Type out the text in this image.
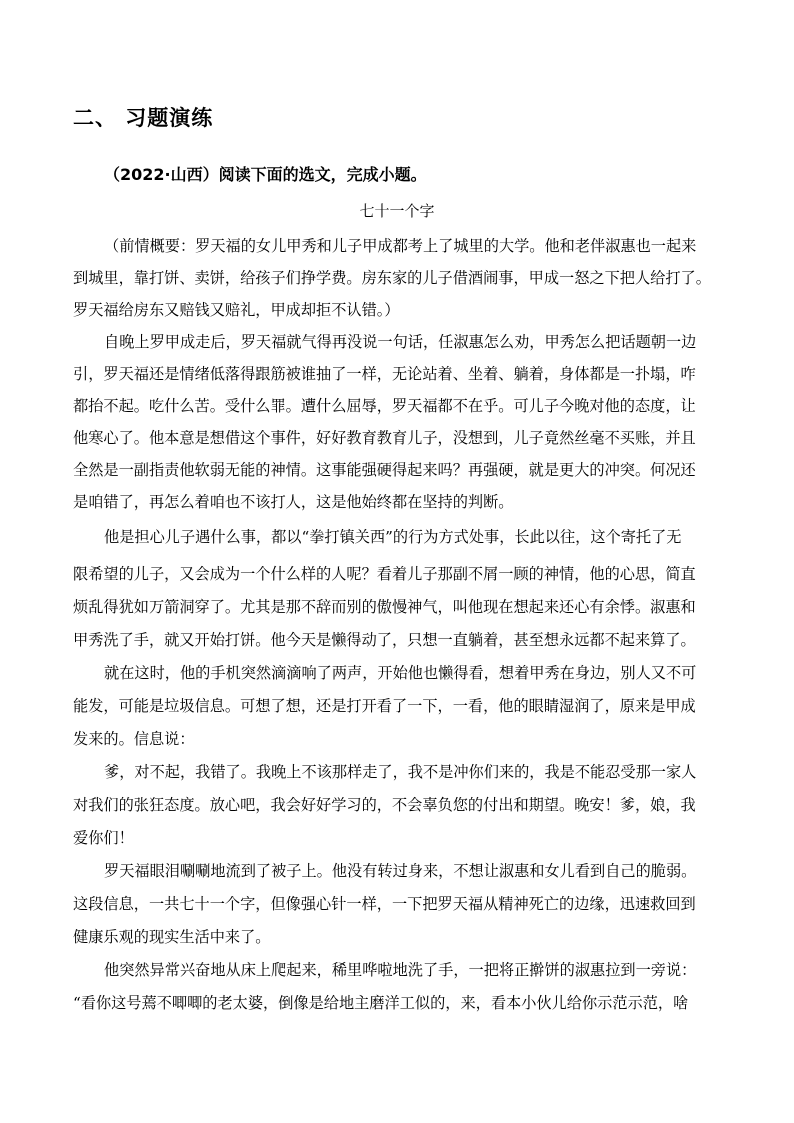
二、 习题演练
（2022·山西）阅读下面的选文，完成小题。
七十一个字
（前情概要：罗天福的女儿甲秀和儿子甲成都考上了城里的大学。他和老伴淑惠也一起来
到城里，靠打饼、卖饼，给孩子们挣学费。房东家的儿子借酒闹事，甲成一怒之下把人给打了。
罗天福给房东又赔钱又赔礼，甲成却拒不认错。）
自晚上罗甲成走后，罗天福就气得再没说一句话，任淑惠怎么劝，甲秀怎么把话题朝一边
引，罗天福还是情绪低落得跟筋被谁抽了一样，无论站着、坐着、躺着，身体都是一扑塌，咋
都抬不起。吃什么苦。受什么罪。遭什么屈辱，罗天福都不在乎。可儿子今晚对他的态度，让
他寒心了。他本意是想借这个事件，好好教育教育儿子，没想到，儿子竟然丝毫不买账，并且
全然是一副指责他软弱无能的神情。这事能强硬得起来吗？再强硬，就是更大的冲突。何况还
是咱错了，再怎么着咱也不该打人，这是他始终都在坚持的判断。
他是担心儿子遇什么事，都以“拳打镇关西”的行为方式处事，长此以往，这个寄托了无
限希望的儿子，又会成为一个什么样的人呢？看着儿子那副不屑一顾的神情，他的心思，简直
烦乱得犹如万箭洞穿了。尤其是那不辞而别的傲慢神气，叫他现在想起来还心有余悸。淑惠和
甲秀洗了手，就又开始打饼。他今天是懒得动了，只想一直躺着，甚至想永远都不起来算了。
就在这时，他的手机突然滴滴响了两声，开始他也懒得看，想着甲秀在身边，别人又不可
能发，可能是垃圾信息。可想了想，还是打开看了一下，一看，他的眼睛湿润了，原来是甲成
发来的。信息说：
爹，对不起，我错了。我晚上不该那样走了，我不是冲你们来的，我是不能忍受那一家人
对我们的张狂态度。放心吧，我会好好学习的，不会辜负您的付出和期望。晚安！爹，娘，我
爱你们！
罗天福眼泪唰唰地流到了被子上。他没有转过身来，不想让淑惠和女儿看到自己的脆弱。
这段信息，一共七十一个字，但像强心针一样，一下把罗天福从精神死亡的边缘，迅速救回到
健康乐观的现实生活中来了。
他突然异常兴奋地从床上爬起来，稀里哗啦地洗了手，一把将正擀饼的淑惠拉到一旁说：
“看你这号蔫不唧唧的老太婆，倒像是给地主磨洋工似的，来，看本小伙儿给你示范示范，啥
